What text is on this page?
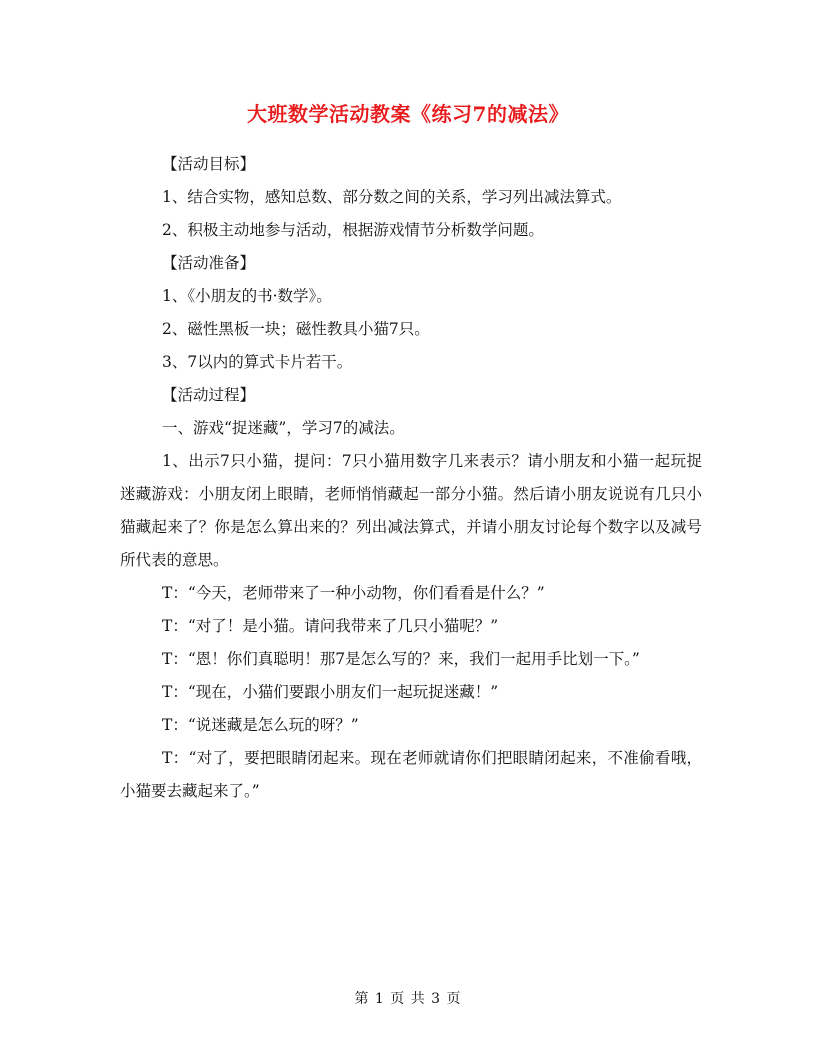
大班数学活动教案《练习7的减法》

【活动目标】

1、结合实物，感知总数、部分数之间的关系，学习列出减法算式。

2、积极主动地参与活动，根据游戏情节分析数学问题。

【活动准备】

1、《小朋友的书·数学》。

2、磁性黑板一块；磁性教具小猫7只。

3、7以内的算式卡片若干。

【活动过程】

一、游戏“捉迷藏”，学习7的减法。

1、出示7只小猫，提问：7只小猫用数字几来表示？请小朋友和小猫一起玩捉迷藏游戏：小朋友闭上眼睛，老师悄悄藏起一部分小猫。然后请小朋友说说有几只小猫藏起来了？你是怎么算出来的？列出减法算式，并请小朋友讨论每个数字以及减号所代表的意思。

T：“今天，老师带来了一种小动物，你们看看是什么？”

T：“对了！是小猫。请问我带来了几只小猫呢？”

T：“恩！你们真聪明！那7是怎么写的？来，我们一起用手比划一下。”

T：“现在，小猫们要跟小朋友们一起玩捉迷藏！”

T：“说迷藏是怎么玩的呀？”

T：“对了，要把眼睛闭起来。现在老师就请你们把眼睛闭起来，不准偷看哦，小猫要去藏起来了。”

第 1 页 共 3 页
